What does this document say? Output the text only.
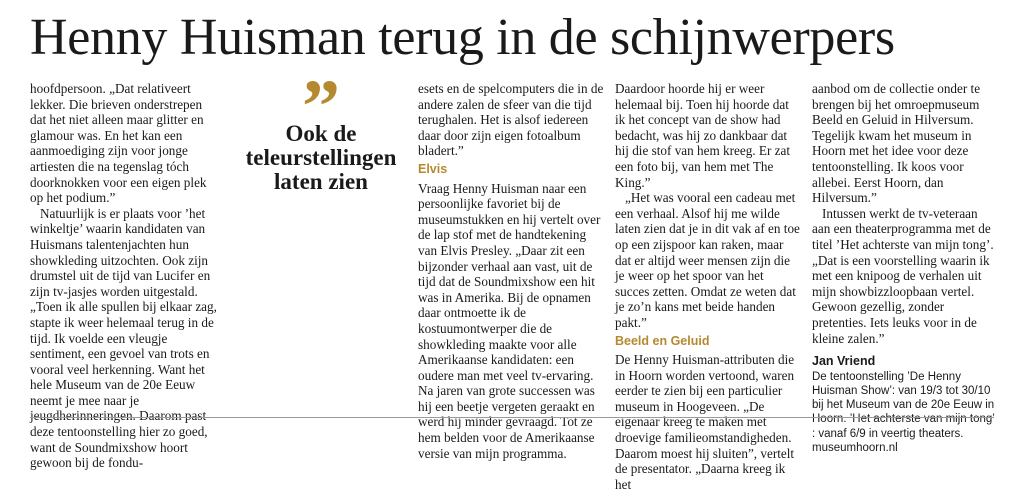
Henny Huisman terug in de schijnwerpers

hoofdpersoon. „Dat relativeert lekker. Die brieven onderstrepen dat het niet alleen maar glitter en glamour was. En het kan een aanmoediging zijn voor jonge artiesten die na tegenslag tóch doorknokken voor een eigen plek op het podium.”

Natuurlijk is er plaats voor ’het winkeltje’ waarin kandidaten van Huismans talentenjachten hun showkleding uitzochten. Ook zijn drumstel uit de tijd van Lucifer en zijn tv-jasjes worden uitgestald. „Toen ik alle spullen bij elkaar zag, stapte ik weer helemaal terug in de tijd. Ik voelde een vleugje sentiment, een gevoel van trots en vooral veel herkenning. Want het hele Museum van de 20e Eeuw neemt je mee naar je jeugdherinneringen. Daarom past deze tentoonstelling hier zo goed, want de Soundmixshow hoort gewoon bij de fondu-

Ook de teleurstellingen laten zien

esets en de spelcomputers die in de andere zalen de sfeer van die tijd terughalen. Het is alsof iedereen daar door zijn eigen fotoalbum bladert.”

Elvis

Vraag Henny Huisman naar een persoonlijke favoriet bij de museumstukken en hij vertelt over de lap stof met de handtekening van Elvis Presley. „Daar zit een bijzonder verhaal aan vast, uit de tijd dat de Soundmixshow een hit was in Amerika. Bij de opnamen daar ontmoette ik de kostuumontwerper die de showkleding maakte voor alle Amerikaanse kandidaten: een oudere man met veel tv-ervaring. Na jaren van grote successen was hij een beetje vergeten geraakt en werd hij minder gevraagd. Tot ze hem belden voor de Amerikaanse versie van mijn programma.

Daardoor hoorde hij er weer helemaal bij. Toen hij hoorde dat ik het concept van de show had bedacht, was hij zo dankbaar dat hij die stof van hem kreeg. Er zat een foto bij, van hem met The King.”

„Het was vooral een cadeau met een verhaal. Alsof hij me wilde laten zien dat je in dit vak af en toe op een zijspoor kan raken, maar dat er altijd weer mensen zijn die je weer op het spoor van het succes zetten. Omdat ze weten dat je zo’n kans met beide handen pakt.”

Beeld en Geluid

De Henny Huisman-attributen die in Hoorn worden vertoond, waren eerder te zien bij een particulier museum in Hoogeveen. „De eigenaar kreeg te maken met droevige familieomstandigheden. Daarom moest hij sluiten”, vertelt de presentator. „Daarna kreeg ik het

aanbod om de collectie onder te brengen bij het omroepmuseum Beeld en Geluid in Hilversum. Tegelijk kwam het museum in Hoorn met het idee voor deze tentoonstelling. Ik koos voor allebei. Eerst Hoorn, dan Hilversum.”

Intussen werkt de tv-veteraan aan een theaterprogramma met de titel ’Het achterste van mijn tong’. „Dat is een voorstelling waarin ik met een knipoog de verhalen uit mijn showbizzloopbaan vertel. Gewoon gezellig, zonder pretenties. Iets leuks voor in de kleine zalen.”

Jan Vriend

De tentoonstelling ’De Henny Huisman Show’: van 19/3 tot 30/10 bij het Museum van de 20e Eeuw in Hoorn. ’Het achterste van mijn tong’ : vanaf 6/9 in veertig theaters. museumhoorn.nl
